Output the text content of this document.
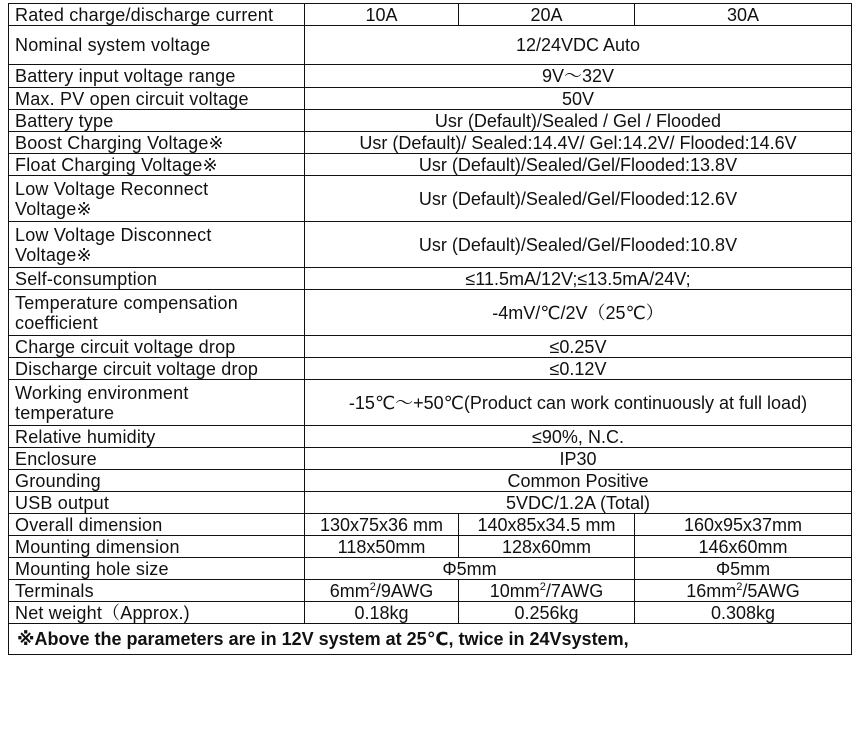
Rated charge/discharge current	10A	20A	30A
Nominal system voltage	12/24VDC Auto		
Battery input voltage range	9V～32V		
Max. PV open circuit voltage	50V		
Battery type	Usr (Default)/Sealed / Gel / Flooded		
Boost Charging Voltage※	Usr (Default)/ Sealed:14.4V/ Gel:14.2V/ Flooded:14.6V		
Float Charging Voltage※	Usr (Default)/Sealed/Gel/Flooded:13.8V		

Low Voltage Reconnect
Voltage※	Usr (Default)/Sealed/Gel/Flooded:12.6V		

Low Voltage Disconnect
Voltage※	Usr (Default)/Sealed/Gel/Flooded:10.8V		
Self-consumption	≤11.5mA/12V;≤13.5mA/24V;		

Temperature compensation
coefficient	-4mV/℃/2V（25℃）		
Charge circuit voltage drop	≤0.25V		
Discharge circuit voltage drop	≤0.12V		

Working environment
temperature	-15℃～+50℃(Product can work continuously at full load)		
Relative humidity	≤90%, N.C.		
Enclosure	IP30		
Grounding	Common Positive		
USB output	5VDC/1.2A (Total)		
Overall dimension	130x75x36 mm	140x85x34.5 mm	160x95x37mm
Mounting dimension	118x50mm	128x60mm	146x60mm
Mounting hole size	Φ5mm		Φ5mm
Terminals	$6mm^2/9AWG$	$10mm^2/7AWG$	$16mm^2/5AWG$
Net weight（Approx.)	0.18kg	0.256kg	0.308kg
※Above the parameters are in 12V system at 25℃, twice in 24Vsystem,			
